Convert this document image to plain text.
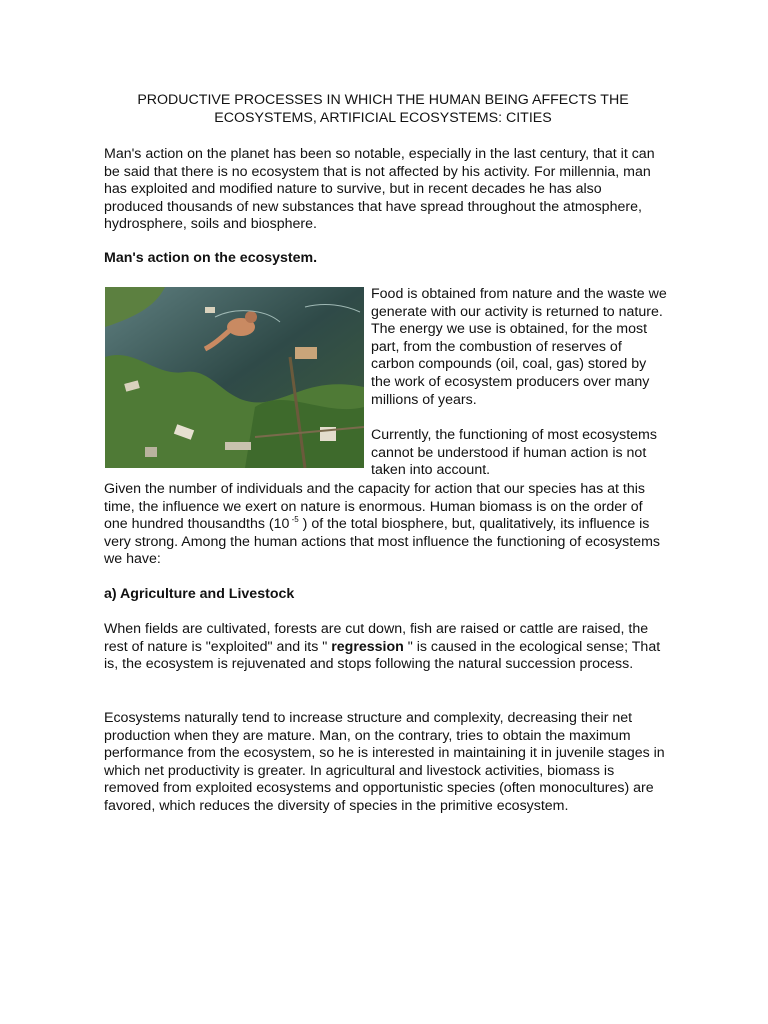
PRODUCTIVE PROCESSES IN WHICH THE HUMAN BEING AFFECTS THE
ECOSYSTEMS, ARTIFICIAL ECOSYSTEMS: CITIES

Man's action on the planet has been so notable, especially in the last century, that it can be said that there is no ecosystem that is not affected by his activity. For millennia, man has exploited and modified nature to survive, but in recent decades he has also produced thousands of new substances that have spread throughout the atmosphere, hydrosphere, soils and biosphere.

Man's action on the ecosystem.

Food is obtained from nature and the waste we generate with our activity is returned to nature. The energy we use is obtained, for the most part, from the combustion of reserves of carbon compounds (oil, coal, gas) stored by the work of ecosystem producers over many millions of years.

Currently, the functioning of most ecosystems cannot be understood if human action is not taken into account.

Given the number of individuals and the capacity for action that our species has at this time, the influence we exert on nature is enormous. Human biomass is on the order of one hundred thousandths (10 $^{-5}$ ) of the total biosphere, but, qualitatively, its influence is very strong. Among the human actions that most influence the functioning of ecosystems we have:

a) Agriculture and Livestock

When fields are cultivated, forests are cut down, fish are raised or cattle are raised, the rest of nature is "exploited" and its " regression " is caused in the ecological sense; That is, the ecosystem is rejuvenated and stops following the natural succession process.

Ecosystems naturally tend to increase structure and complexity, decreasing their net production when they are mature. Man, on the contrary, tries to obtain the maximum performance from the ecosystem, so he is interested in maintaining it in juvenile stages in which net productivity is greater. In agricultural and livestock activities, biomass is removed from exploited ecosystems and opportunistic species (often monocultures) are favored, which reduces the diversity of species in the primitive ecosystem.
